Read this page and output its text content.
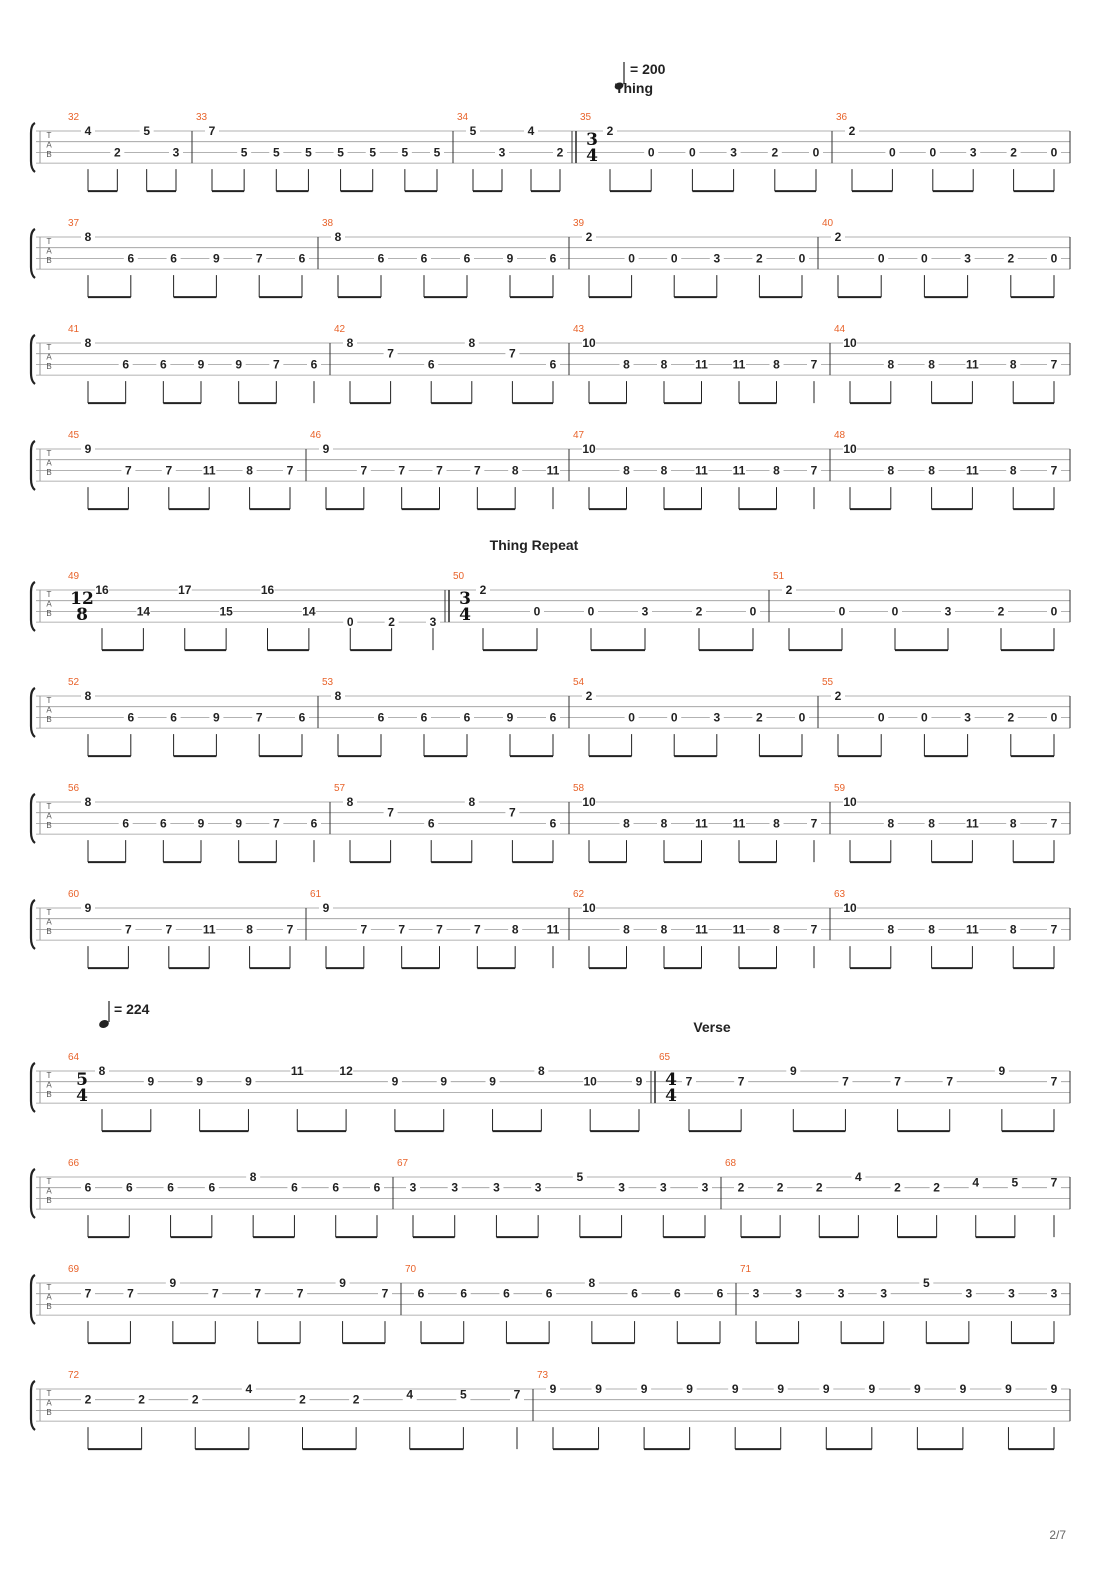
= 200
Thing
Thing Repeat
= 224
Verse
T
A
B
32
4
2
5
3
33
7
5 5 5 5 5 5 5
34
5
3
4
2
35
3
4
2
0	0	3	2	0
36
2
0	0	3	2	0
T
A
B
37
8
6	6	9	7	6
38
8
6	6	6	9	6
39
2
0	0	3	2	0
40
2
0	0	3	2	0
T
A
B
41
8
6	6	9	9	7	6
42
8
7
6
8
7
6
43
10
8	8 11 11 8	7
44
10
8	8	11	8	7
T
A
B
45
9
7	7	11	8	7
46
9
7	7	7	7	8 11
47
10
8	8 11 11 8	7
48
10
8	8	11	8	7
T
A
B
49
12
8
16
14
17
15
16
14
0	2	3
50
3
4
2
0	0	3	2	0
51
2
0	0	3	2	0
T
A
B
52
8
6	6	9	7	6
53
8
6	6	6	9	6
54
2
0	0	3	2	0
55
2
0	0	3	2	0
T
A
B
56
8
6	6	9	9	7	6
57
8
7
6
8
7
6
58
10
8	8 11 11 8	7
59
10
8	8	11	8	7
T
A
B
60
9
7	7	11	8	7
61
9
7	7	7	7	8 11
62
10
8	8 11 11 8	7
63
10
8	8	11	8	7
T
A
B
64
5
4
8
9	9	9
11	12
9	9	9
8
10	9
65
4
4
7	7
9
7	7	7
9
7
T
A
B
66
6	6	6	6
8
6	6	6
67
3	3	3	3
5
3	3	3
68
2	2	2
4
2	2	4	5	7
T
A
B
69
7	7
9
7	7	7
9
7
70
6	6	6	6
8
6	6	6
71
3	3	3	3
5
3	3	3
T
A
B
72
2	2	2
4
2	2	4	5	7
73
9	9	9	9	9	9	9	9	9	9	9	9
2/7
